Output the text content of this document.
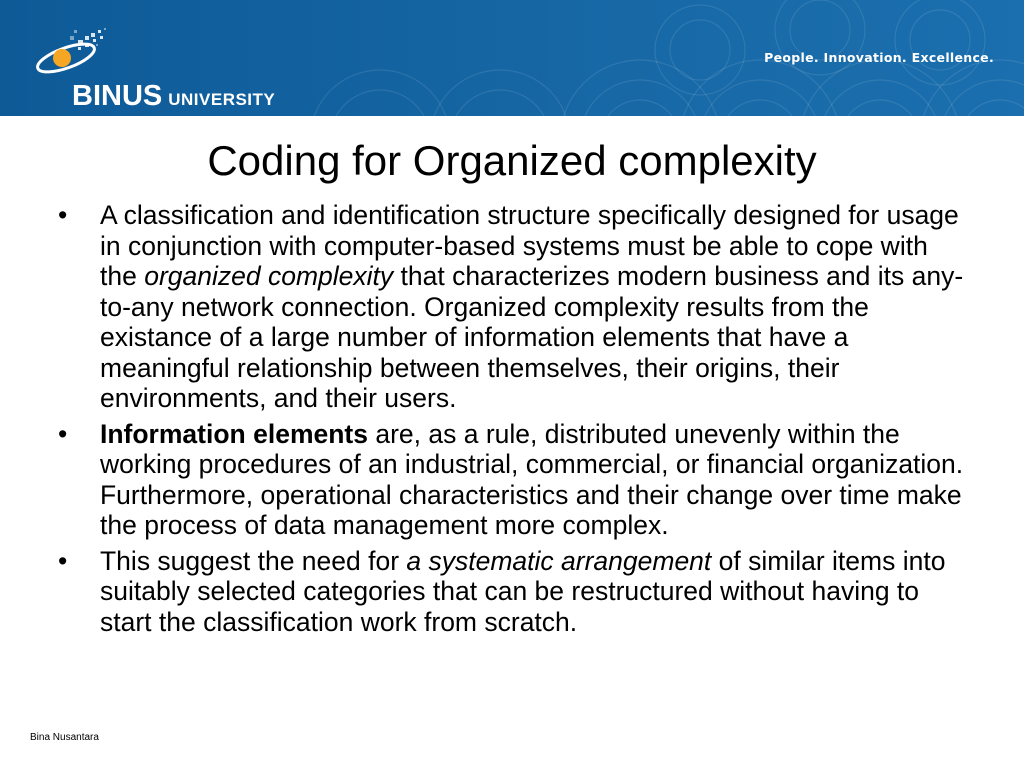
BINUS UNIVERSITY
People. Innovation. Excellence.
Coding for Organized complexity
• A classification and identification structure specifically designed for usage in conjunction with computer-based systems must be able to cope with the organized complexity that characterizes modern business and its any-to-any network connection. Organized complexity results from the existance of a large number of information elements that have a meaningful relationship between themselves, their origins, their environments, and their users.
• Information elements are, as a rule, distributed unevenly within the working procedures of an industrial, commercial, or financial organization. Furthermore, operational characteristics and their change over time make the process of data management more complex.
• This suggest the need for a systematic arrangement of similar items into suitably selected categories that can be restructured without having to start the classification work from scratch.
Bina Nusantara
